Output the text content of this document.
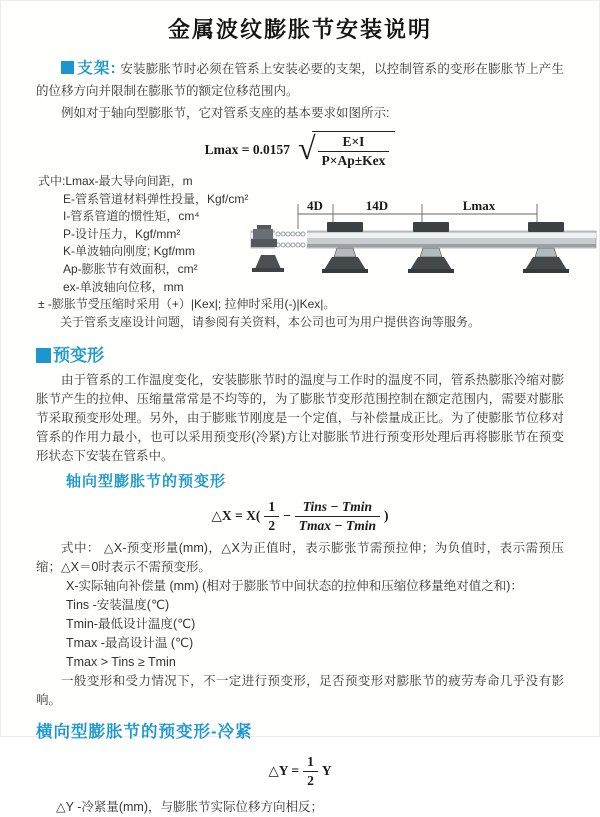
金属波纹膨胀节安装说明

支架: 安装膨胀节时必须在管系上安装必要的支架，以控制管系的变形在膨胀节上产生的位移方向并限制在膨胀节的额定位移范围内。

例如对于轴向型膨胀节，它对管系支座的基本要求如图所示:

Lmax = 0.0157 √ $\frac{E\times I}{\text{P×Ap±Kex}}$
式中:Lmax-最大导向间距，m
E-管系管道材料弹性投量，Kgf/cm²
I-管系管道的惯性矩，cm⁴
P-设计压力，Kgf/mm²
K-单波轴向刚度; Kgf/mm
Ap-膨胀节有效面积，cm²
ex-单波轴向位移，mm
± -膨胀节受压缩时采用（+）|Kex|; 拉伸时采用(-)|Kex|。
关于管系支座设计问题，请参阅有关资料，本公司也可为用户提供咨询等服务。
4D	14D	Lmax
预变形

由于管系的工作温度变化，安装膨胀节时的温度与工作时的温度不同，管系热膨胀冷缩对膨胀节产生的拉伸、压缩量常常是不均等的，为了膨胀节变形范围控制在额定范围内，需要对膨胀节采取预变形处理。另外，由于膨账节刚度是一个定值，与补偿量成正比。为了使膨胀节位移对管系的作用力最小，也可以采用预变形(冷紧)方让对膨胀节进行预变形处理后再将膨胀节在预变形状态下安装在管系中。

轴向型膨胀节的预变形
△X = $X( \frac{1}{2} - \frac{\text{Tins − Tmin}}{Tmax - Tmin}$ )

式中： △X-预变形量(mm)，△X为正值时，表示膨张节需预拉伸；为负值时，表示需预压缩；△X＝0时表示不需预变形。

X-实际轴向补偿量 (mm) (相对于膨胀节中间状态的拉伸和压缩位移量绝对值之和)：
Tins -安装温度(℃)
Tmin-最低设计温度(℃)
Tmax -最高设计温 (℃)
Tmax > Tins ≥ Tmin

一般变形和受力情况下，不一定进行预变形，足否预变形对膨胀节的疲劳寿命几乎没有影响。

横向型膨胀节的预变形-冷紧
△Y = $\frac{1}{2}$ Y
△Y -冷紧量(mm)，与膨胀节实际位移方向相反；
